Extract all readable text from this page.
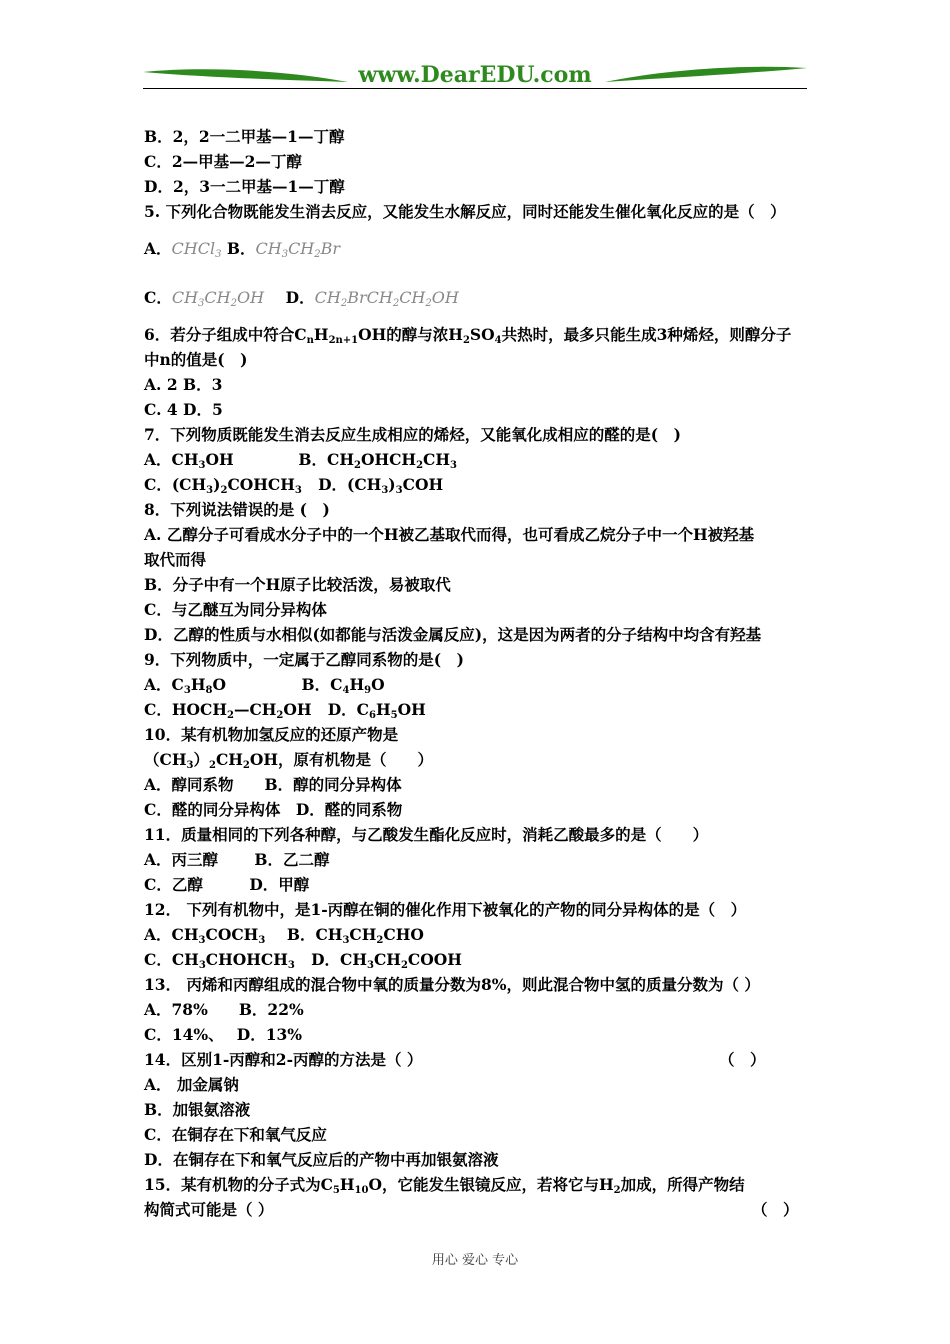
www.DearEDU.com
B．2，2一二甲基—1—丁醇
C．2—甲基—2—丁醇
D．2，3一二甲基—1—丁醇
5. 下列化合物既能发生消去反应，又能发生水解反应，同时还能发生催化氧化反应的是（　）
A．CHCl$_3$ B．$CH_3CH_2Br$
C．$CH_3CH_2OH$ D．$CH_2BrCH_2CH_2OH$
6．若分子组成中符合$C_nH_{2n+1}OH$的醇与浓$H_2SO_4$共热时，最多只能生成3种烯烃，则醇分子
中n的值是(　)
A. 2 B．3
C. 4 D．5
7．下列物质既能发生消去反应生成相应的烯烃，又能氧化成相应的醛的是(　)
A．$CH_3OH$            B．$CH_2OHCH_2CH_3$
C．$(CH_3)_2COHCH_3$   D．$(CH_3)_3COH$
8．下列说法错误的是 (　)
A. 乙醇分子可看成水分子中的一个H被乙基取代而得，也可看成乙烷分子中一个H被羟基
取代而得
B．分子中有一个H原子比较活泼，易被取代
C．与乙醚互为同分异构体
D．乙醇的性质与水相似(如都能与活泼金属反应)，这是因为两者的分子结构中均含有羟基
9．下列物质中，一定属于乙醇同系物的是(　)
A．$C_3H_8O$              B．$C_4H_9O$
C．$HOCH_2—CH_2OH$   D．$C_6H_5OH$
10．某有机物加氢反应的还原产物是
$(CH_3)_2CH_2OH$，原有机物是（　　）
A．醇同系物　　B．醇的同分异构体
C．醛的同分异构体　D．醛的同系物
11．质量相同的下列各种醇，与乙酸发生酯化反应时，消耗乙酸最多的是（　　）
A．丙三醇　　 B．乙二醇
C．乙醇　　　D．甲醇
12． 下列有机物中，是1-丙醇在铜的催化作用下被氧化的产物的同分异构体的是（　）
A．$CH_3COCH_3$    B．$CH_3CH_2CHO$
C．$CH_3CHOHCH_3$   D．$CH_3CH_2COOH$
13． 丙烯和丙醇组成的混合物中氧的质量分数为8%，则此混合物中氢的质量分数为（ ）
A．78%　　B．22%
C．14%、　 D．13%
14．区别1-丙醇和2-丙醇的方法是（ ）	（　）
A． 加金属钠
B．加银氨溶液
C．在铜存在下和氧气反应
D．在铜存在下和氧气反应后的产物中再加银氨溶液
15．某有机物的分子式为$C_5H_{10}O$，它能发生银镜反应，若将它与$H_2$加成，所得产物结
构简式可能是（ ）	（　）
用心 爱心 专心
